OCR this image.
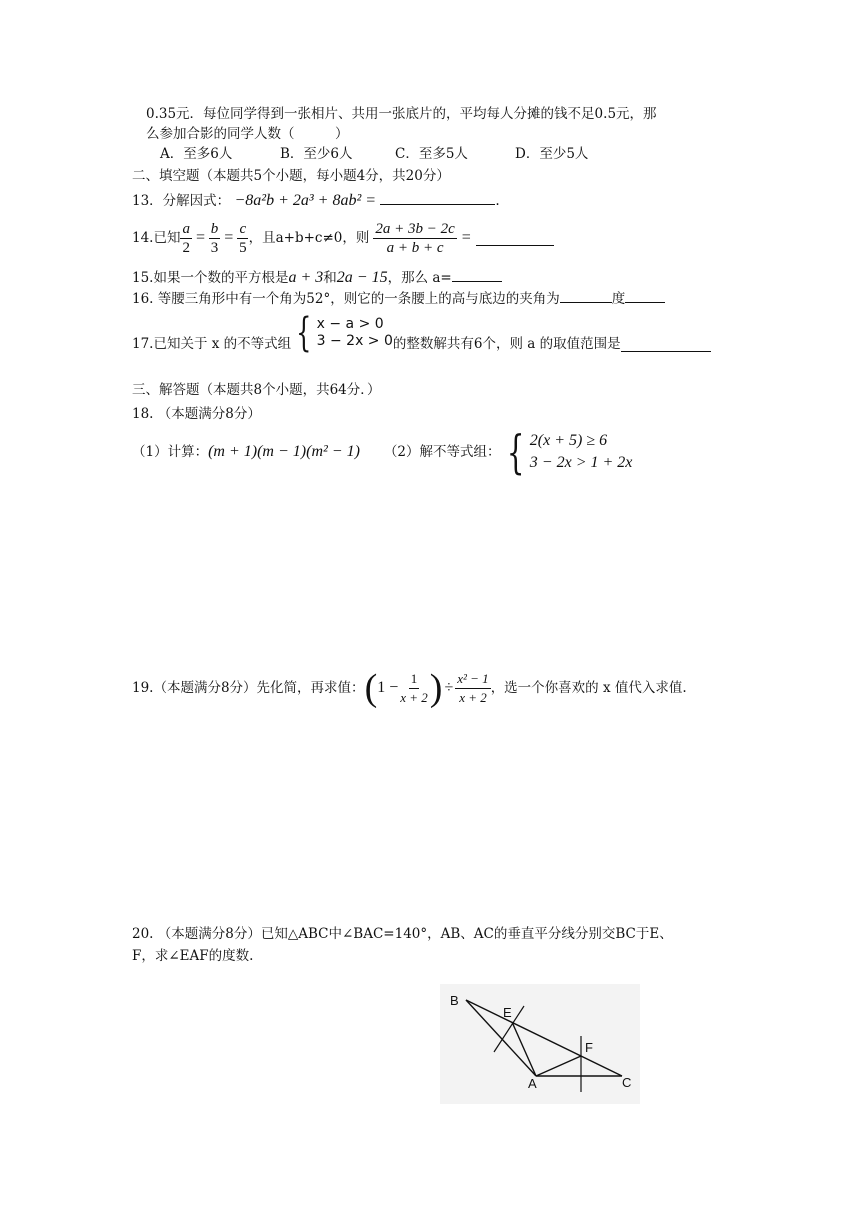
0.35元．每位同学得到一张相片、共用一张底片的，平均每人分摊的钱不足0.5元，那
么参加合影的同学人数（　　　）
A．至多6人	B．至少6人	C．至多5人	D．至少5人
二、填空题（本题共5个小题，每小题4分，共20分）
13．分解因式： −8a²b + 2a³ + 8ab² =	.
14.已知 $\frac{a}{2} = \frac{b}{3} = \frac{c}{5}$ ，且a+b+c≠0，则 $\frac{2a + 3b - 2c}{a + b + c}$ =
15.如果一个数的平方根是a + 3和2a − 15，那么 a=
16. 等腰三角形中有一个角为52°，则它的一条腰上的高与底边的夹角为	度
17.已知关于 x 的不等式组 { x − a > 0
3 − 2x > 0 的整数解共有6个，则 a 的取值范围是
三、解答题（本题共8个小题，共64分．）
18. （本题满分8分）
（1）计算： (m + 1)(m − 1)(m² − 1) （2）解不等式组： { 2(x + 5) ≥ 6
3 − 2x > 1 + 2x
19.（本题满分8分）先化简，再求值： ( $1 - \frac{1}{x + 2}$ ) ÷ $\frac{\text{x² − 1}}{x + 2}$ ，选一个你喜欢的 x 值代入求值.
20. （本题满分8分）已知△ABC中∠BAC=140°，AB、AC的垂直平分线分别交BC于E、
F，求∠EAF的度数.
B
E
F
A	C
